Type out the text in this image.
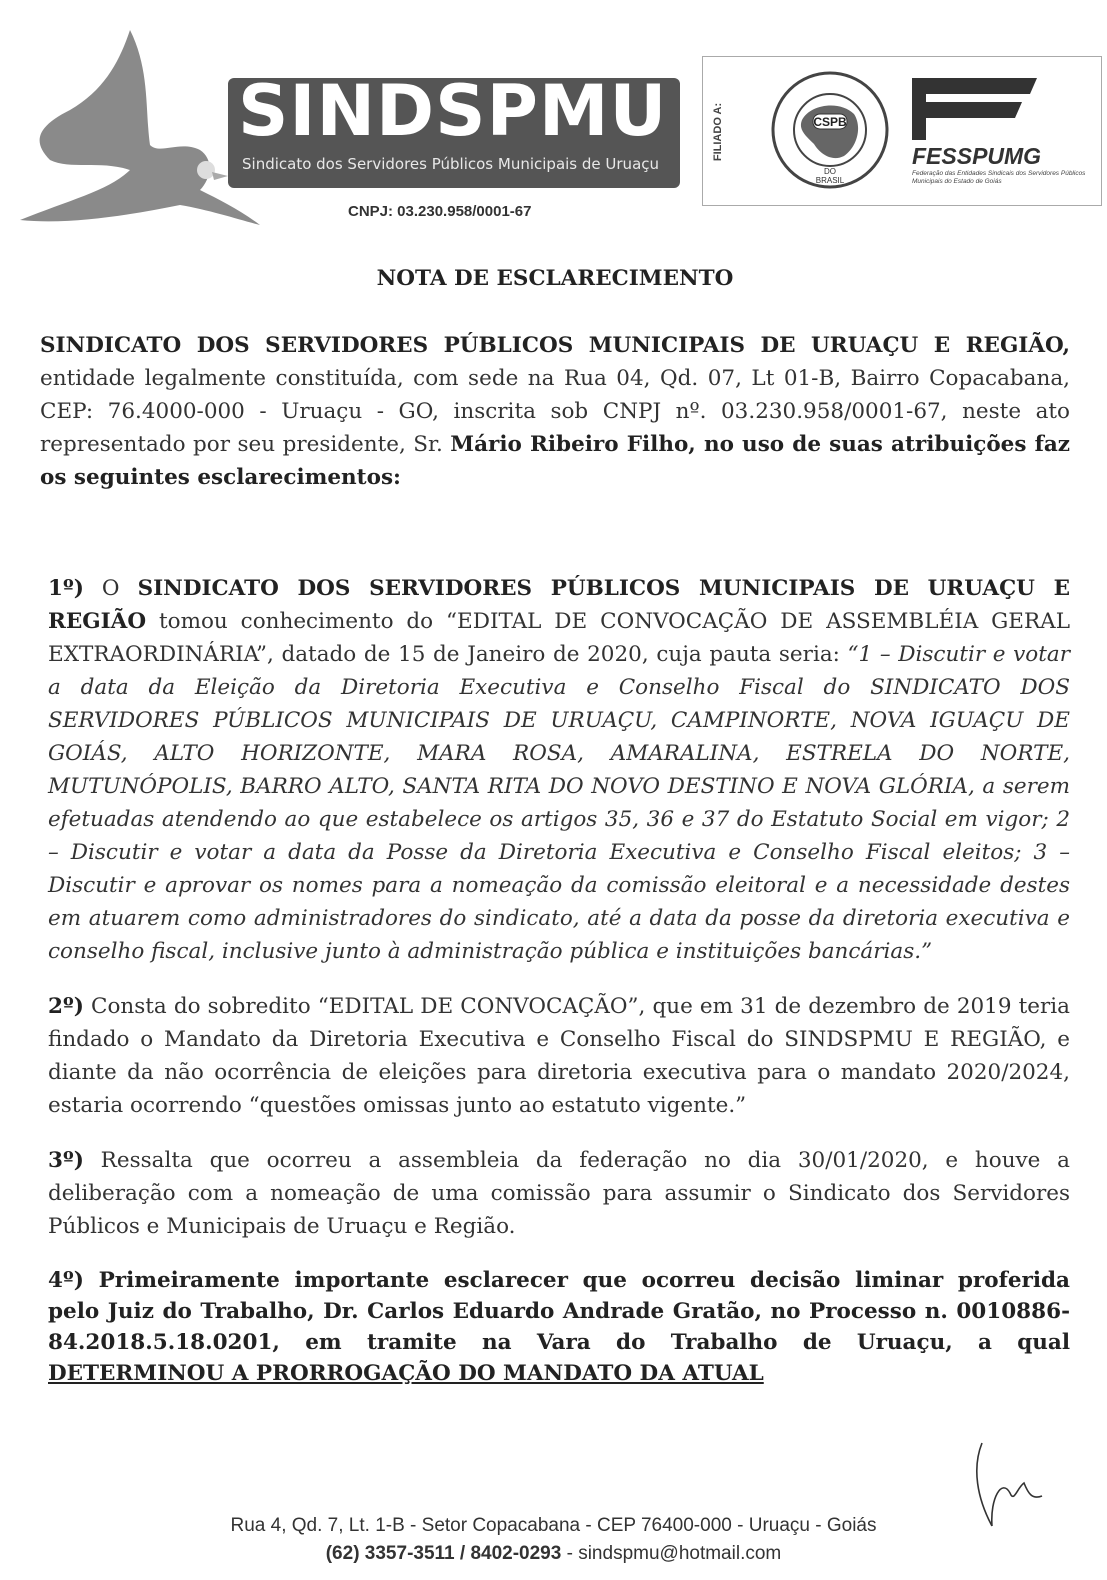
SINDSPMU
Sindicato dos Servidores Públicos Municipais de Uruaçu
CNPJ: 03.230.958/0001-67
FILIADO A:	CSPB
DO
BRASIL
FESSPUMG
Federação das Entidades Sindicais dos Servidores Públicos Municipais do Estado de Goiás
NOTA DE ESCLARECIMENTO

SINDICATO DOS SERVIDORES PÚBLICOS MUNICIPAIS DE URUAÇU E REGIÃO, entidade legalmente constituída, com sede na Rua 04, Qd. 07, Lt 01-B, Bairro Copacabana, CEP: 76.4000-000 - Uruaçu - GO, inscrita sob CNPJ nº. 03.230.958/0001-67, neste ato representado por seu presidente, Sr. Mário Ribeiro Filho, no uso de suas atribuições faz os seguintes esclarecimentos:

1º) O SINDICATO DOS SERVIDORES PÚBLICOS MUNICIPAIS DE URUAÇU E REGIÃO tomou conhecimento do “EDITAL DE CONVOCAÇÃO DE ASSEMBLÉIA GERAL EXTRAORDINÁRIA”, datado de 15 de Janeiro de 2020, cuja pauta seria: “1 – Discutir e votar a data da Eleição da Diretoria Executiva e Conselho Fiscal do SINDICATO DOS SERVIDORES PÚBLICOS MUNICIPAIS DE URUAÇU, CAMPINORTE, NOVA IGUAÇU DE GOIÁS, ALTO HORIZONTE, MARA ROSA, AMARALINA, ESTRELA DO NORTE, MUTUNÓPOLIS, BARRO ALTO, SANTA RITA DO NOVO DESTINO E NOVA GLÓRIA, a serem efetuadas atendendo ao que estabelece os artigos 35, 36 e 37 do Estatuto Social em vigor; 2 – Discutir e votar a data da Posse da Diretoria Executiva e Conselho Fiscal eleitos; 3 – Discutir e aprovar os nomes para a nomeação da comissão eleitoral e a necessidade destes em atuarem como administradores do sindicato, até a data da posse da diretoria executiva e conselho fiscal, inclusive junto à administração pública e instituições bancárias.”

2º) Consta do sobredito “EDITAL DE CONVOCAÇÃO”, que em 31 de dezembro de 2019 teria findado o Mandato da Diretoria Executiva e Conselho Fiscal do SINDSPMU E REGIÃO, e diante da não ocorrência de eleições para diretoria executiva para o mandato 2020/2024, estaria ocorrendo “questões omissas junto ao estatuto vigente.”

3º) Ressalta que ocorreu a assembleia da federação no dia 30/01/2020, e houve a deliberação com a nomeação de uma comissão para assumir o Sindicato dos Servidores Públicos e Municipais de Uruaçu e Região.

4º) Primeiramente importante esclarecer que ocorreu decisão liminar proferida pelo Juiz do Trabalho, Dr. Carlos Eduardo Andrade Gratão, no Processo n. 0010886-84.2018.5.18.0201, em tramite na Vara do Trabalho de Uruaçu, a qual DETERMINOU A PRORROGAÇÃO DO MANDATO DA ATUAL

Rua 4, Qd. 7, Lt. 1-B - Setor Copacabana - CEP 76400-000 - Uruaçu - Goiás
(62) 3357-3511 / 8402-0293 - sindspmu@hotmail.com
